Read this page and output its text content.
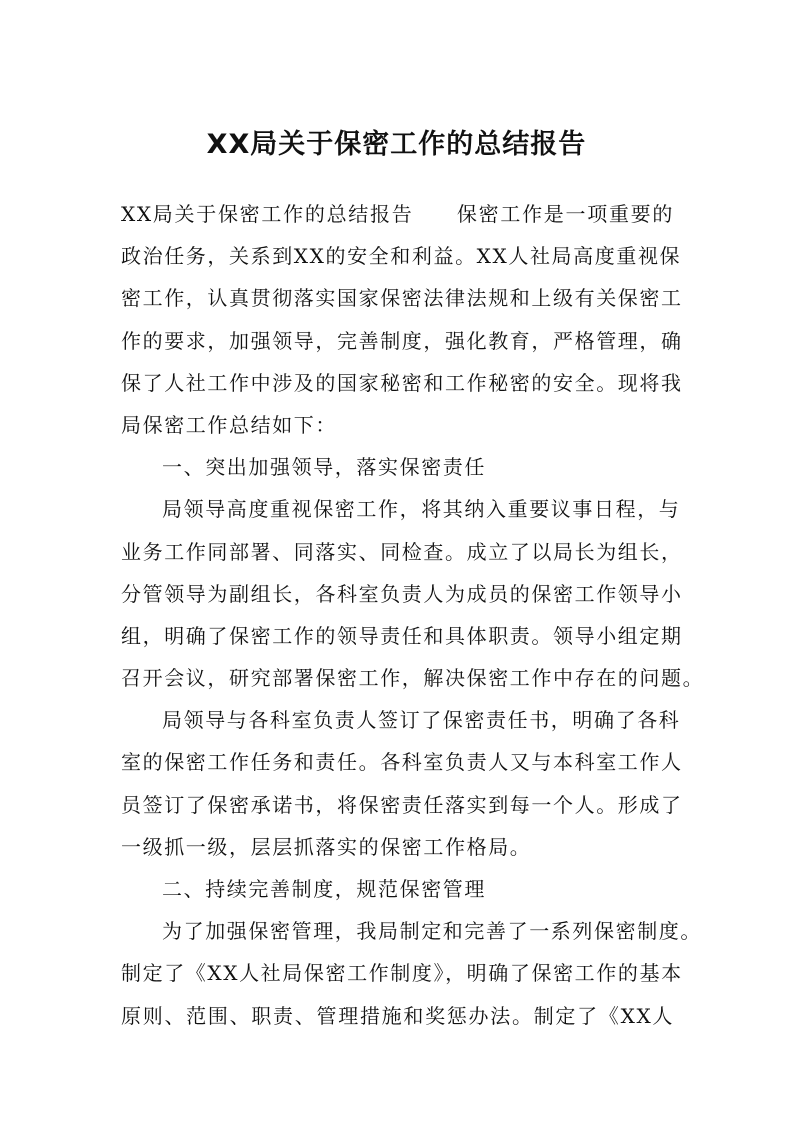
XX局关于保密工作的总结报告
XX局关于保密工作的总结报告　　保密工作是一项重要的
政治任务，关系到XX的安全和利益。XX人社局高度重视保
密工作，认真贯彻落实国家保密法律法规和上级有关保密工
作的要求，加强领导，完善制度，强化教育，严格管理，确
保了人社工作中涉及的国家秘密和工作秘密的安全。现将我
局保密工作总结如下：
一、突出加强领导，落实保密责任
局领导高度重视保密工作，将其纳入重要议事日程，与
业务工作同部署、同落实、同检查。成立了以局长为组长，
分管领导为副组长，各科室负责人为成员的保密工作领导小
组，明确了保密工作的领导责任和具体职责。领导小组定期
召开会议，研究部署保密工作，解决保密工作中存在的问题。
局领导与各科室负责人签订了保密责任书，明确了各科
室的保密工作任务和责任。各科室负责人又与本科室工作人
员签订了保密承诺书，将保密责任落实到每一个人。形成了
一级抓一级，层层抓落实的保密工作格局。
二、持续完善制度，规范保密管理
为了加强保密管理，我局制定和完善了一系列保密制度。
制定了《XX人社局保密工作制度》，明确了保密工作的基本
原则、范围、职责、管理措施和奖惩办法。制定了《XX人
